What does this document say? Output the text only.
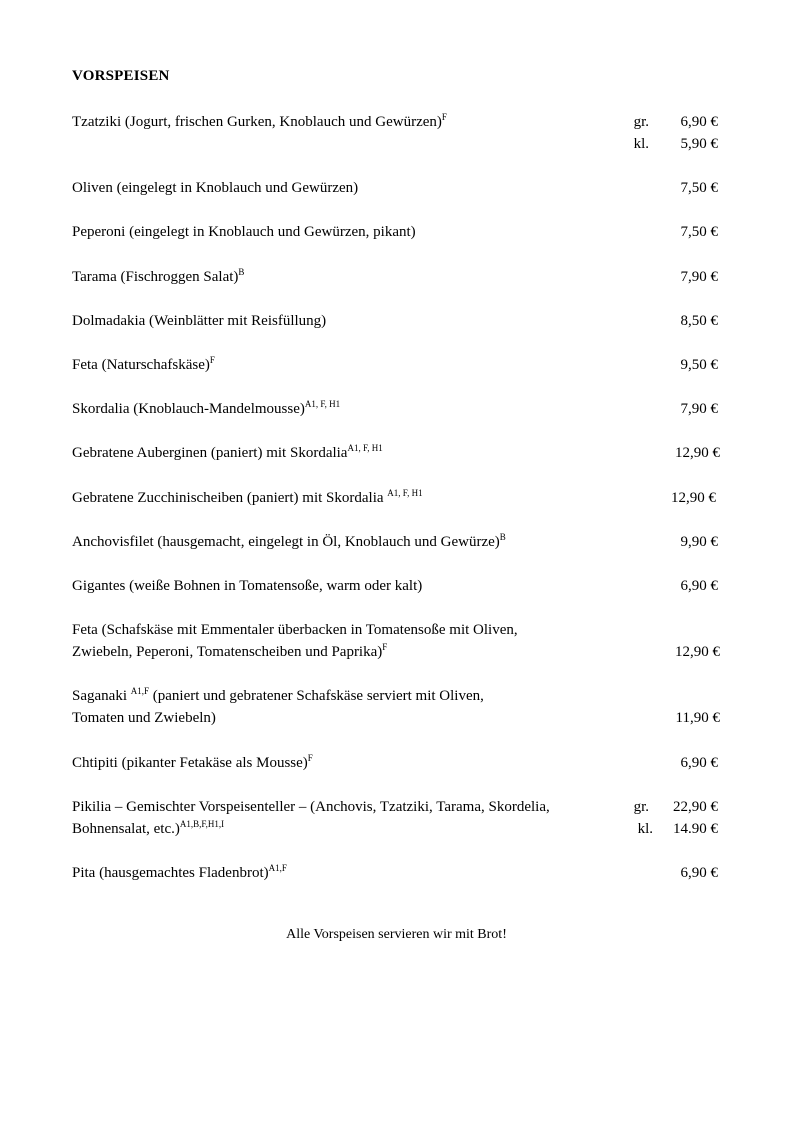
VORSPEISEN
Tzatziki (Jogurt, frischen Gurken, Knoblauch und Gewürzen)$^F$	gr.	6,90 €
kl.	5,90 €
Oliven (eingelegt in Knoblauch und Gewürzen)	7,50 €
Peperoni (eingelegt in Knoblauch und Gewürzen, pikant)	7,50 €
Tarama (Fischroggen Salat)$^B$	7,90 €
Dolmadakia (Weinblätter mit Reisfüllung)	8,50 €
Feta (Naturschafskäse)$^F$	9,50 €
Skordalia (Knoblauch-Mandelmousse)$^{A1, F, H1}$	7,90 €
Gebratene Auberginen (paniert) mit Skordalia$^{A1, F, H1}$	12,90 €
Gebratene Zucchinischeiben (paniert) mit Skordalia $^{A1, F, H1}$	12,90 €
Anchovisfilet (hausgemacht, eingelegt in Öl, Knoblauch und Gewürze)$^B$	9,90 €
Gigantes (weiße Bohnen in Tomatensoße, warm oder kalt)	6,90 €
Feta (Schafskäse mit Emmentaler überbacken in Tomatensoße mit Oliven,
Zwiebeln, Peperoni, Tomatenscheiben und Paprika)$^F$	12,90 €
Saganaki $^{A1,F}$ (paniert und gebratener Schafskäse serviert mit Oliven,
Tomaten und Zwiebeln)	11,90 €
Chtipiti (pikanter Fetakäse als Mousse)$^F$	6,90 €
Pikilia – Gemischter Vorspeisenteller – (Anchovis, Tzatziki, Tarama, Skordelia,
Bohnensalat, etc.)$^{A1,B,F,H1,I}$
gr.	22,90 €
kl.	14.90 €
Pita (hausgemachtes Fladenbrot)$^{A1,F}$	6,90 €
Alle Vorspeisen servieren wir mit Brot!
